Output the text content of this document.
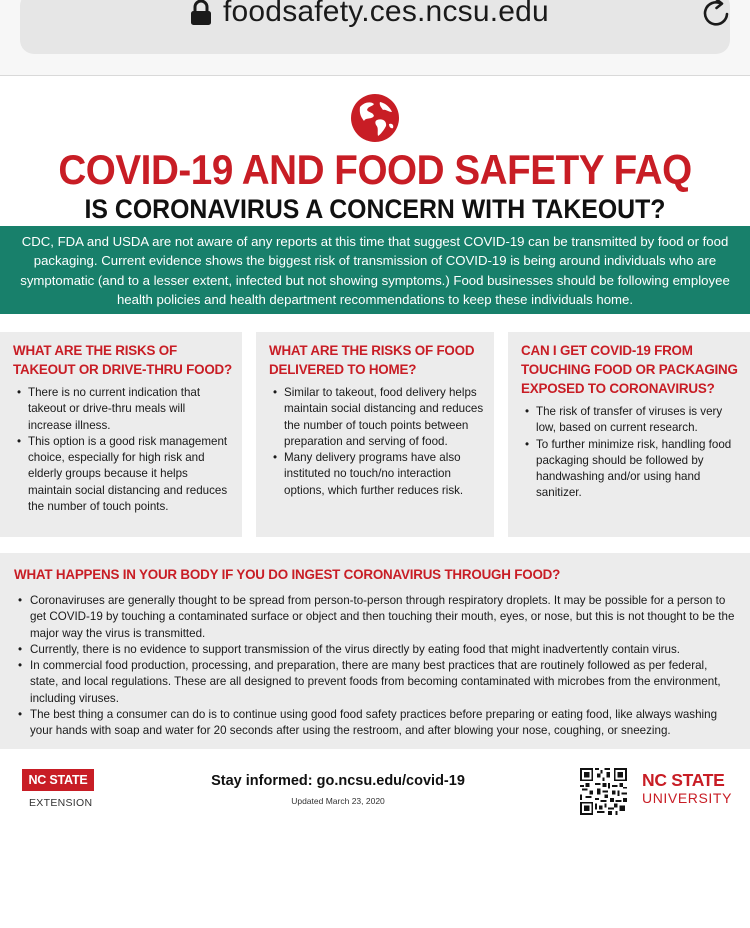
foodsafety.ces.ncsu.edu
COVID-19 AND FOOD SAFETY FAQ
IS CORONAVIRUS A CONCERN WITH TAKEOUT?
CDC, FDA and USDA are not aware of any reports at this time that suggest COVID-19 can be transmitted by food or food packaging. Current evidence shows the biggest risk of transmission of COVID-19 is being around individuals who are symptomatic (and to a lesser extent, infected but not showing symptoms.) Food businesses should be following employee health policies and health department recommendations to keep these individuals home.
WHAT ARE THE RISKS OF TAKEOUT OR DRIVE-THRU FOOD?
• There is no current indication that takeout or drive-thru meals will increase illness.
• This option is a good risk management choice, especially for high risk and elderly groups because it helps maintain social distancing and reduces the number of touch points.
WHAT ARE THE RISKS OF FOOD DELIVERED TO HOME?
• Similar to takeout, food delivery helps maintain social distancing and reduces the number of touch points between preparation and serving of food.
• Many delivery programs have also instituted no touch/no interaction options, which further reduces risk.
CAN I GET COVID-19 FROM TOUCHING FOOD OR PACKAGING EXPOSED TO CORONAVIRUS?
• The risk of transfer of viruses is very low, based on current research.
• To further minimize risk, handling food packaging should be followed by handwashing and/or using hand sanitizer.
WHAT HAPPENS IN YOUR BODY IF YOU DO INGEST CORONAVIRUS THROUGH FOOD?
• Coronaviruses are generally thought to be spread from person-to-person through respiratory droplets. It may be possible for a person to get COVID-19 by touching a contaminated surface or object and then touching their mouth, eyes, or nose, but this is not thought to be the major way the virus is transmitted.
• Currently, there is no evidence to support transmission of the virus directly by eating food that might inadvertently contain virus.
• In commercial food production, processing, and preparation, there are many best practices that are routinely followed as per federal, state, and local regulations. These are all designed to prevent foods from becoming contaminated with microbes from the environment, including viruses.
• The best thing a consumer can do is to continue using good food safety practices before preparing or eating food, like always washing your hands with soap and water for 20 seconds after using the restroom, and after blowing your nose, coughing, or sneezing.
NC STATE
EXTENSION
Stay informed: go.ncsu.edu/covid-19
Updated March 23, 2020
NC STATE
UNIVERSITY
